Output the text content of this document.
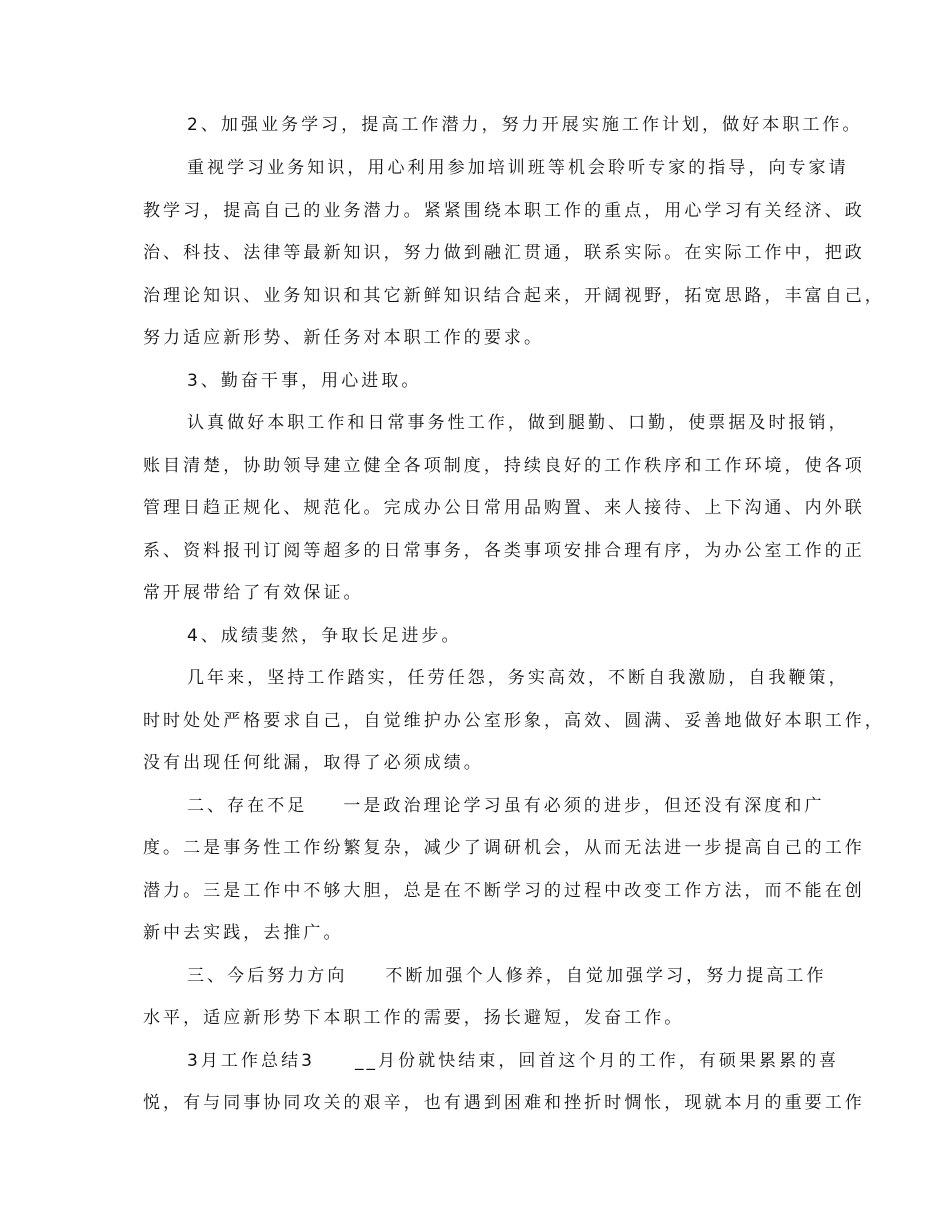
2、加强业务学习，提高工作潜力，努力开展实施工作计划，做好本职工作。
重视学习业务知识，用心利用参加培训班等机会聆听专家的指导，向专家请
教学习，提高自己的业务潜力。紧紧围绕本职工作的重点，用心学习有关经济、政
治、科技、法律等最新知识，努力做到融汇贯通，联系实际。在实际工作中，把政
治理论知识、业务知识和其它新鲜知识结合起来，开阔视野，拓宽思路，丰富自己，
努力适应新形势、新任务对本职工作的要求。
3、勤奋干事，用心进取。
认真做好本职工作和日常事务性工作，做到腿勤、口勤，使票据及时报销，
账目清楚，协助领导建立健全各项制度，持续良好的工作秩序和工作环境，使各项
管理日趋正规化、规范化。完成办公日常用品购置、来人接待、上下沟通、内外联
系、资料报刊订阅等超多的日常事务，各类事项安排合理有序，为办公室工作的正
常开展带给了有效保证。
4、成绩斐然，争取长足进步。
几年来，坚持工作踏实，任劳任怨，务实高效，不断自我激励，自我鞭策，
时时处处严格要求自己，自觉维护办公室形象，高效、圆满、妥善地做好本职工作，
没有出现任何纰漏，取得了必须成绩。
二、存在不足 一是政治理论学习虽有必须的进步，但还没有深度和广
度。二是事务性工作纷繁复杂，减少了调研机会，从而无法进一步提高自己的工作
潜力。三是工作中不够大胆，总是在不断学习的过程中改变工作方法，而不能在创
新中去实践，去推广。
三、今后努力方向 不断加强个人修养，自觉加强学习，努力提高工作
水平，适应新形势下本职工作的需要，扬长避短，发奋工作。
3月工作总结3 __月份就快结束，回首这个月的工作，有硕果累累的喜
悦，有与同事协同攻关的艰辛，也有遇到困难和挫折时惆怅，现就本月的重要工作
